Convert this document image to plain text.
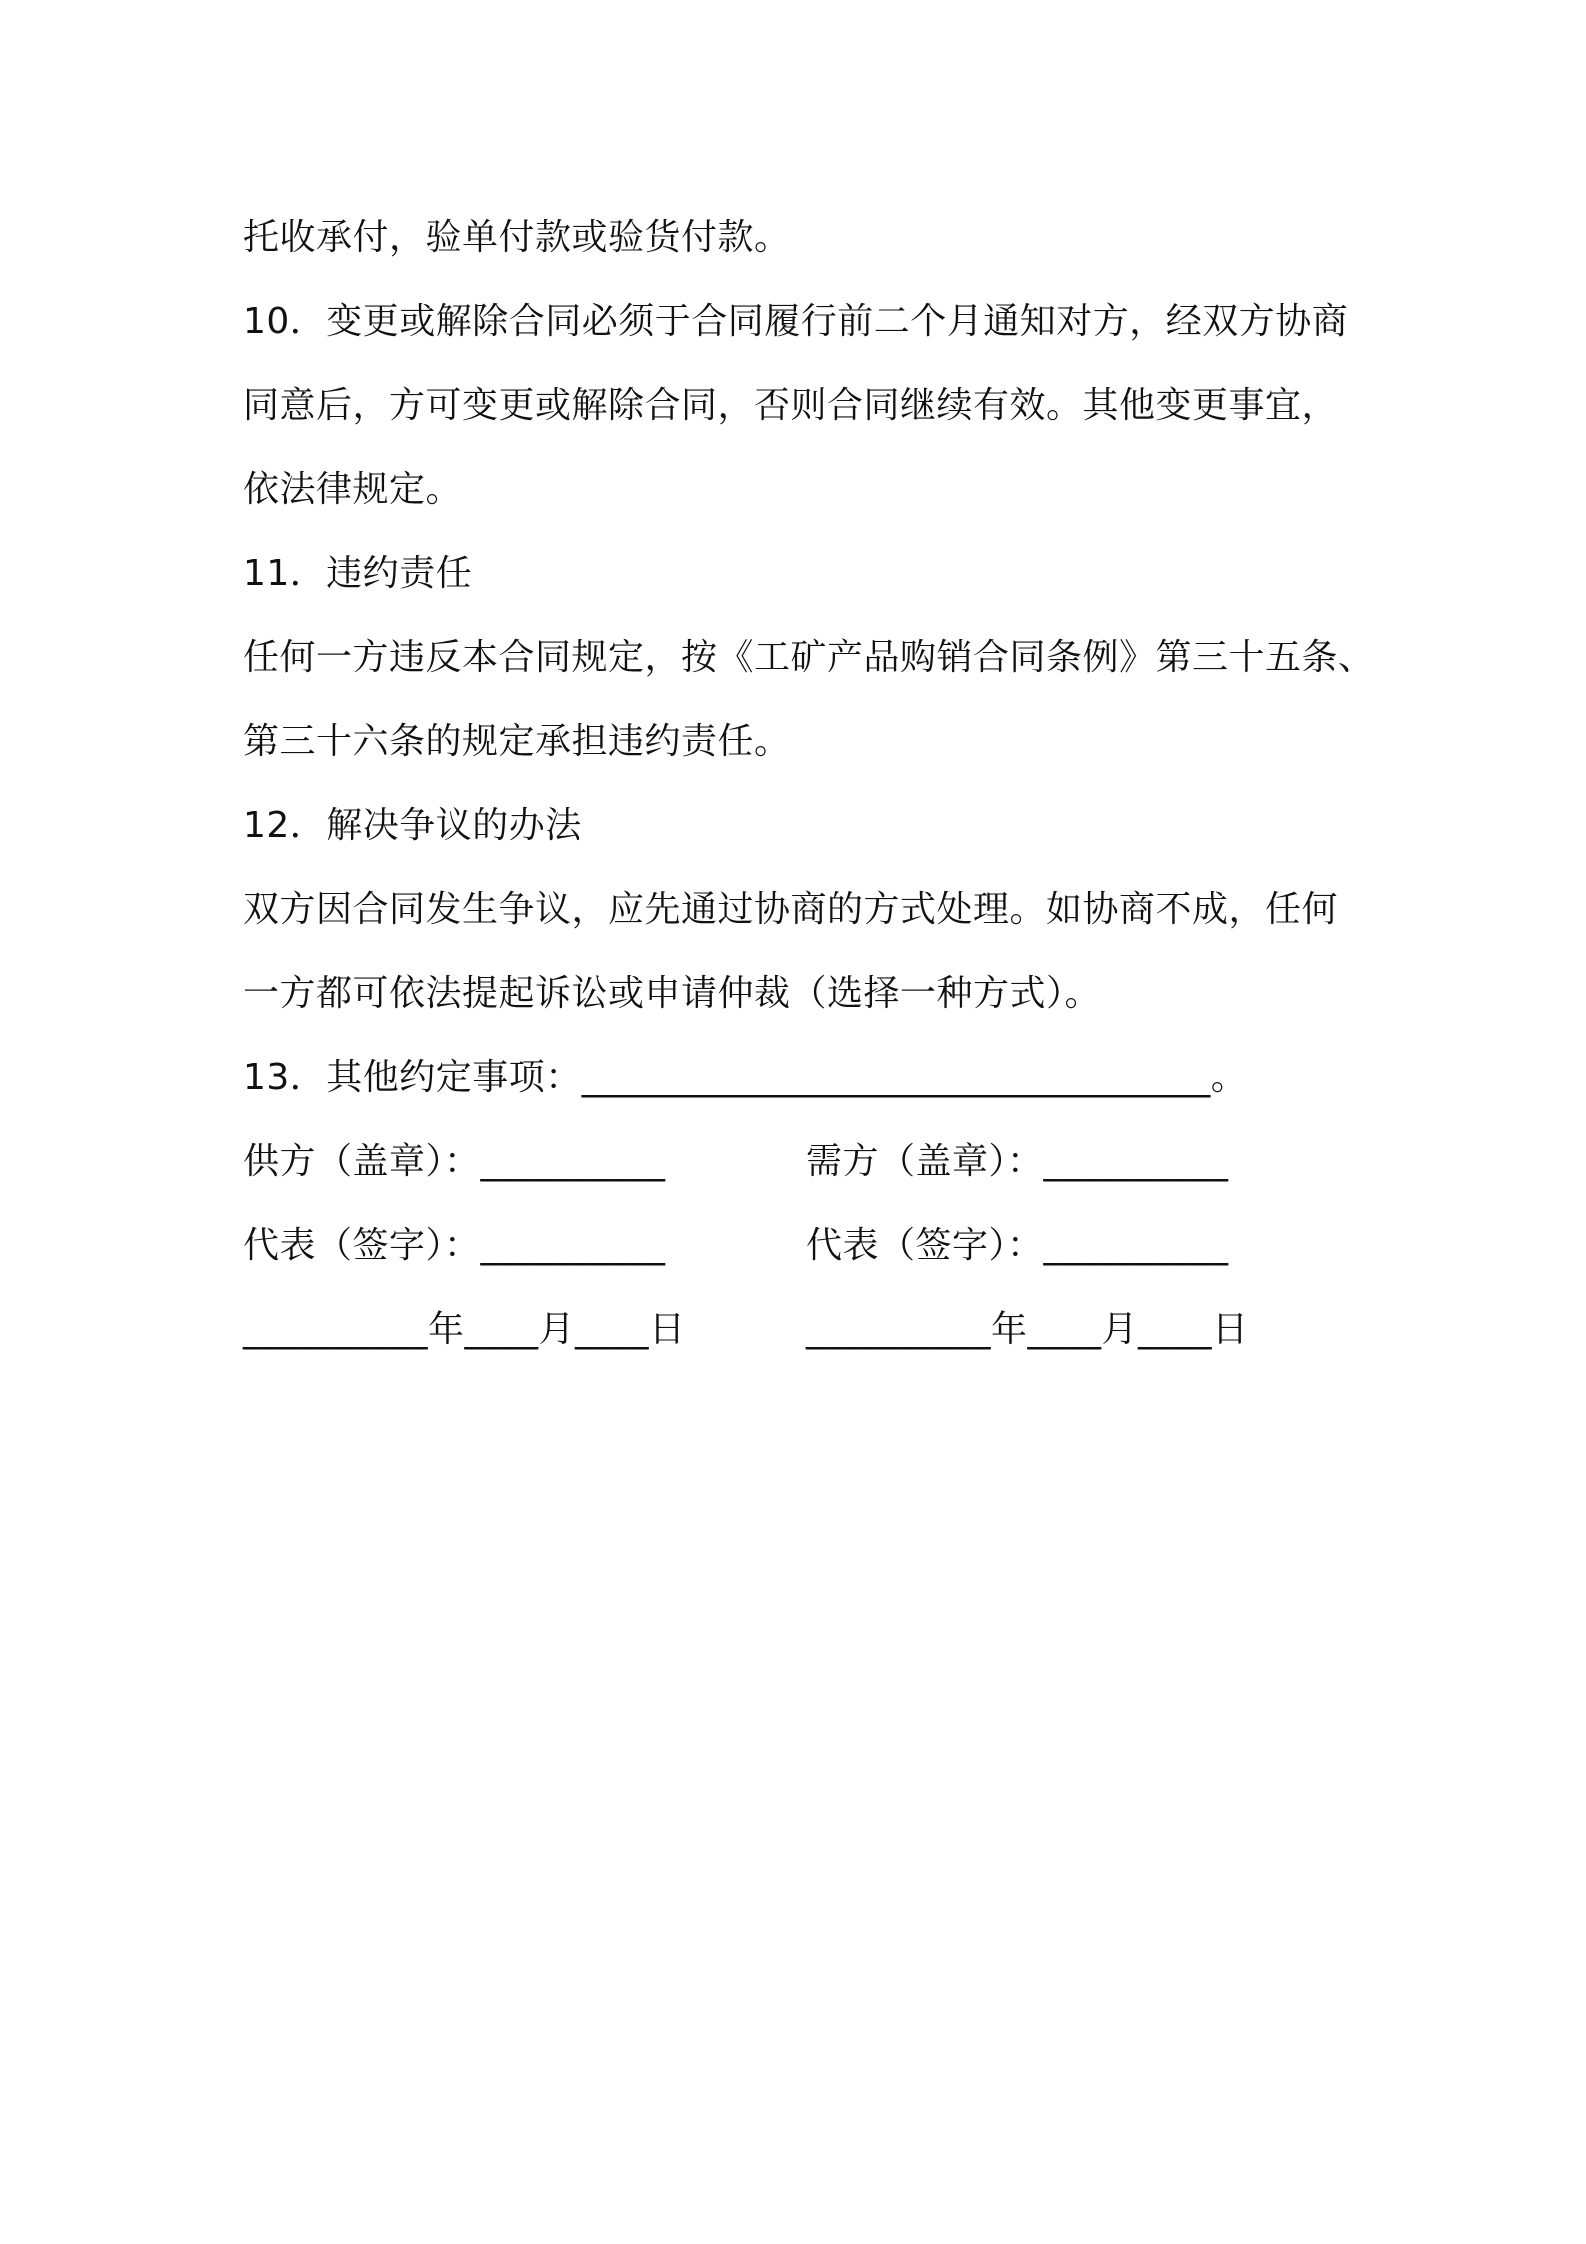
托收承付，验单付款或验货付款。
10．变更或解除合同必须于合同履行前二个月通知对方，经双方协商
同意后，方可变更或解除合同，否则合同继续有效。其他变更事宜，
依法律规定。
11．违约责任
任何一方违反本合同规定，按《工矿产品购销合同条例》第三十五条、
第三十六条的规定承担违约责任。
12．解决争议的办法
双方因合同发生争议，应先通过协商的方式处理。如协商不成，任何
一方都可依法提起诉讼或申请仲裁（选择一种方式）。
13．其他约定事项：__________________________________。
供方（盖章）：__________	需方（盖章）：__________
代表（签字）：__________	代表（签字）：__________
__________年____月____日	__________年____月____日
